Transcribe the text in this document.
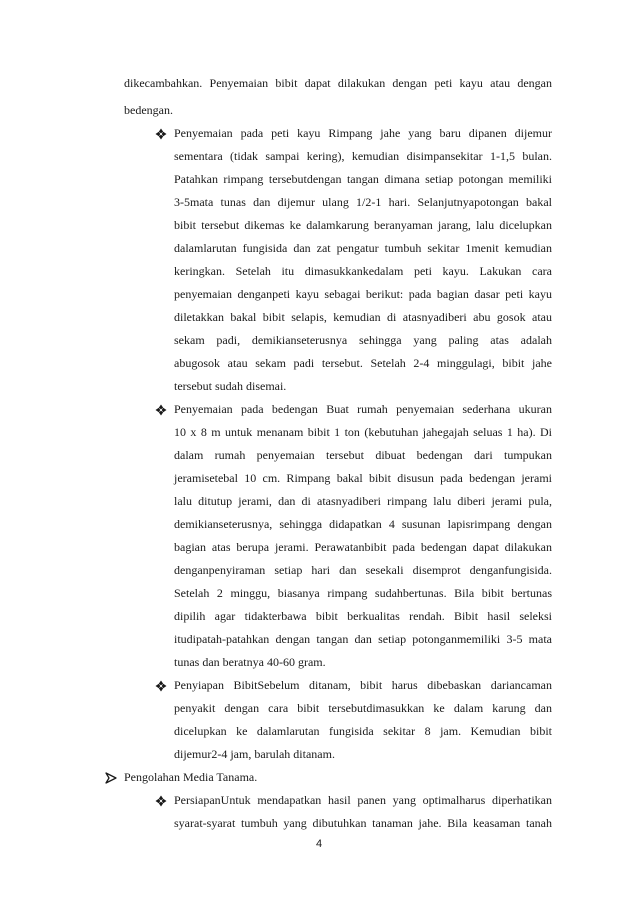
dikecambahkan. Penyemaian bibit dapat dilakukan dengan peti kayu atau dengan
bedengan.
Penyemaian pada peti kayu Rimpang jahe yang baru dipanen dijemur
sementara (tidak sampai kering), kemudian disimpansekitar 1-1,5 bulan.
Patahkan rimpang tersebutdengan tangan dimana setiap potongan memiliki
3-5mata tunas dan dijemur ulang 1/2-1 hari. Selanjutnyapotongan bakal
bibit tersebut dikemas ke dalamkarung beranyaman jarang, lalu dicelupkan
dalamlarutan fungisida dan zat pengatur tumbuh sekitar 1menit kemudian
keringkan. Setelah itu dimasukkankedalam peti kayu. Lakukan cara
penyemaian denganpeti kayu sebagai berikut: pada bagian dasar peti kayu
diletakkan bakal bibit selapis, kemudian di atasnyadiberi abu gosok atau
sekam padi, demikianseterusnya sehingga yang paling atas adalah
abugosok atau sekam padi tersebut. Setelah 2-4 minggulagi, bibit jahe
tersebut sudah disemai.
Penyemaian pada bedengan Buat rumah penyemaian sederhana ukuran
10 x 8 m untuk menanam bibit 1 ton (kebutuhan jahegajah seluas 1 ha). Di
dalam rumah penyemaian tersebut dibuat bedengan dari tumpukan
jeramisetebal 10 cm. Rimpang bakal bibit disusun pada bedengan jerami
lalu ditutup jerami, dan di atasnyadiberi rimpang lalu diberi jerami pula,
demikianseterusnya, sehingga didapatkan 4 susunan lapisrimpang dengan
bagian atas berupa jerami. Perawatanbibit pada bedengan dapat dilakukan
denganpenyiraman setiap hari dan sesekali disemprot denganfungisida.
Setelah 2 minggu, biasanya rimpang sudahbertunas. Bila bibit bertunas
dipilih agar tidakterbawa bibit berkualitas rendah. Bibit hasil seleksi
itudipatah-patahkan dengan tangan dan setiap potonganmemiliki 3-5 mata
tunas dan beratnya 40-60 gram.
Penyiapan BibitSebelum ditanam, bibit harus dibebaskan dariancaman
penyakit dengan cara bibit tersebutdimasukkan ke dalam karung dan
dicelupkan ke dalamlarutan fungisida sekitar 8 jam. Kemudian bibit
dijemur2-4 jam, barulah ditanam.
Pengolahan Media Tanama.
PersiapanUntuk mendapatkan hasil panen yang optimalharus diperhatikan
syarat-syarat tumbuh yang dibutuhkan tanaman jahe. Bila keasaman tanah
4
